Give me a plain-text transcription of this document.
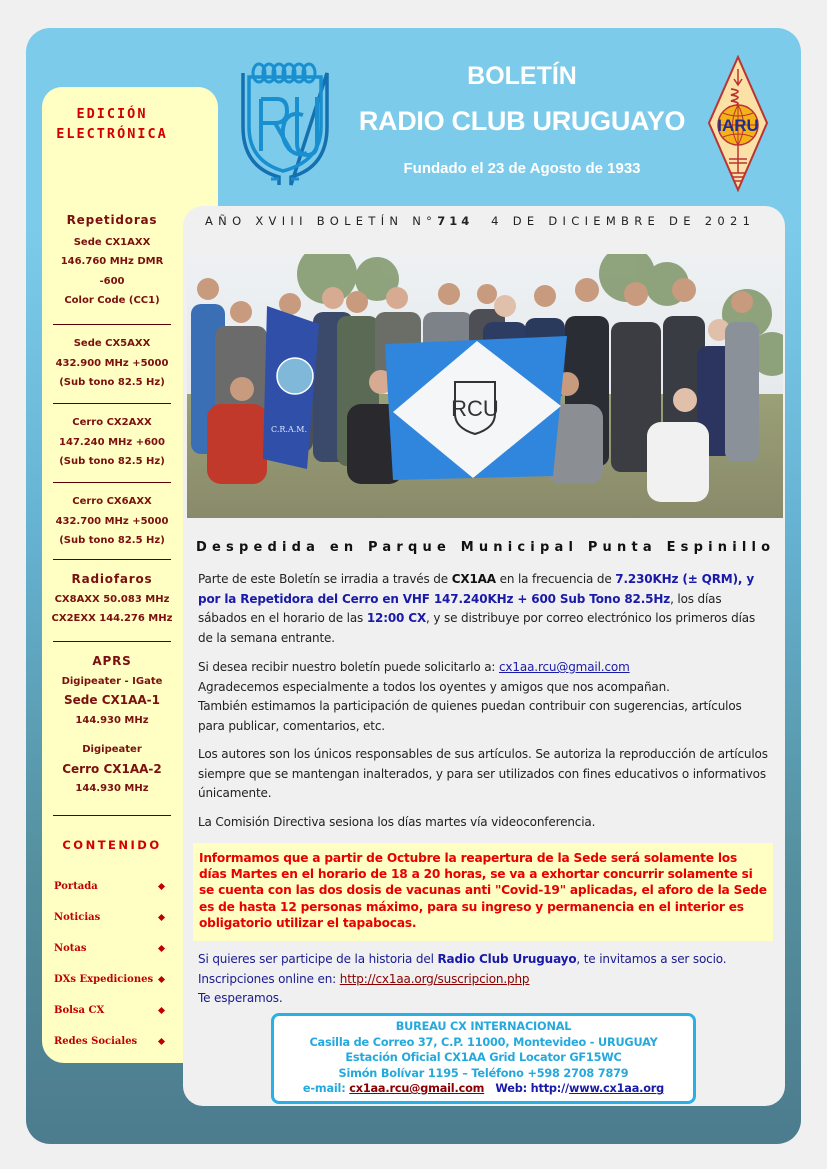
BOLETÍN
RADIO CLUB URUGUAYO
Fundado el 23 de Agosto de 1933
IARU
EDICIÓN
ELECTRÓNICA
Repetidoras
Sede CX1AXX
146.760 MHz DMR
-600
Color Code (CC1)
Sede CX5AXX
432.900 MHz +5000
(Sub tono 82.5 Hz)
Cerro CX2AXX
147.240 MHz +600
(Sub tono 82.5 Hz)
Cerro CX6AXX
432.700 MHz +5000
(Sub tono 82.5 Hz)
Radiofaros
CX8AXX 50.083 MHz
CX2EXX 144.276 MHz
APRS
Digipeater - IGate
Sede CX1AA-1
144.930 MHz
Digipeater
Cerro CX1AA-2
144.930 MHz
CONTENIDO
Portada
Noticias
Notas
DXs Expediciones
Bolsa CX
Redes Sociales
AÑO XVIII BOLETÍN N°714 4 DE DICIEMBRE DE 2021
C.R.A.M.
RCU
Despedida en Parque Municipal Punta Espinillo
Parte de este Boletín se irradia a través de CX1AA en la frecuencia de 7.230KHz (± QRM), y por la Repetidora del Cerro en VHF 147.240KHz + 600 Sub Tono 82.5Hz, los días sábados en el horario de las 12:00 CX, y se distribuye por correo electrónico los primeros días de la semana entrante.
Si desea recibir nuestro boletín puede solicitarlo a: cx1aa.rcu@gmail.com
Agradecemos especialmente a todos los oyentes y amigos que nos acompañan.
También estimamos la participación de quienes puedan contribuir con sugerencias, artículos para publicar, comentarios, etc.
Los autores son los únicos responsables de sus artículos. Se autoriza la reproducción de artículos siempre que se mantengan inalterados, y para ser utilizados con fines educativos o informativos únicamente.
La Comisión Directiva sesiona los días martes vía videoconferencia.
Informamos que a partir de Octubre la reapertura de la Sede será solamente los días Martes en el horario de 18 a 20 horas, se va a exhortar concurrir solamente si se cuenta con las dos dosis de vacunas anti "Covid-19" aplicadas, el aforo de la Sede es de hasta 12 personas máximo, para su ingreso y permanencia en el interior es obligatorio utilizar el tapabocas.
Si quieres ser participe de la historia del Radio Club Uruguayo, te invitamos a ser socio.
Inscripciones online en: http://cx1aa.org/suscripcion.php
Te esperamos.
BUREAU CX INTERNACIONAL
Casilla de Correo 37, C.P. 11000, Montevideo - URUGUAY
Estación Oficial CX1AA Grid Locator GF15WC
Simón Bolívar 1195 – Teléfono +598 2708 7879
e-mail: cx1aa.rcu@gmail.com Web: http://www.cx1aa.org
